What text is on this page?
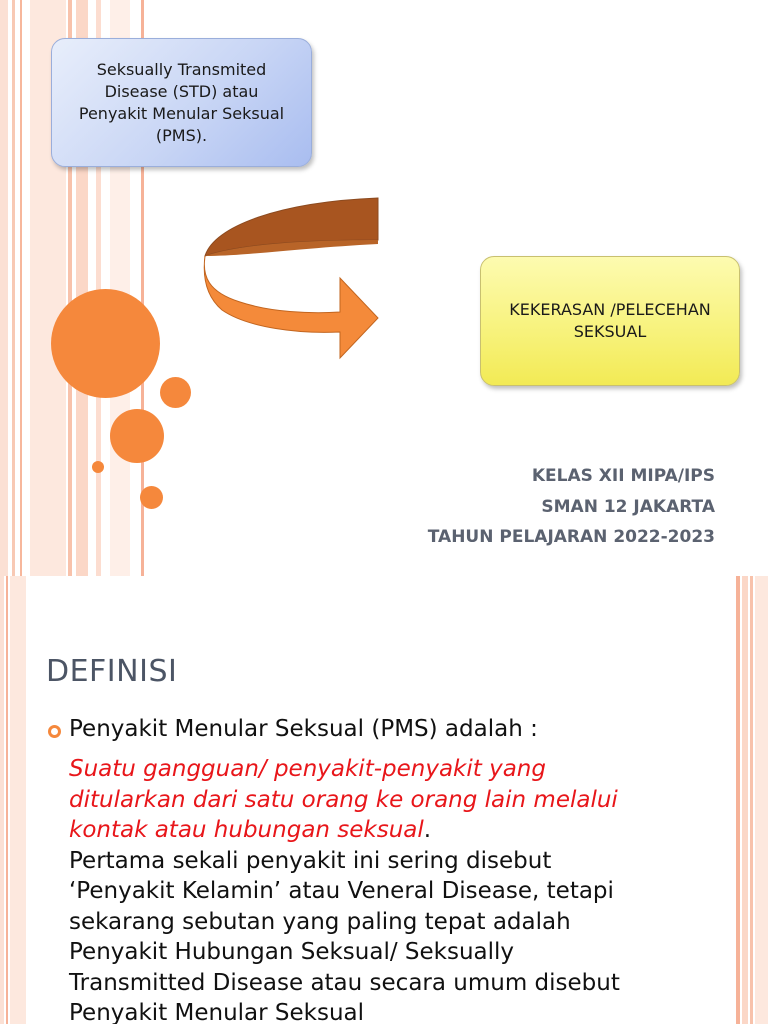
Seksually Transmited Disease (STD) atau Penyakit Menular Seksual (PMS).
KEKERASAN /PELECEHAN SEKSUAL
KELAS XII MIPA/IPS
SMAN 12 JAKARTA
TAHUN PELAJARAN 2022-2023
DEFINISI
Penyakit Menular Seksual (PMS) adalah :
Suatu gangguan/ penyakit-penyakit yang ditularkan dari satu orang ke orang lain melalui kontak atau hubungan seksual.
Pertama sekali penyakit ini sering disebut ‘Penyakit Kelamin’ atau Veneral Disease, tetapi sekarang sebutan yang paling tepat adalah Penyakit Hubungan Seksual/ Seksually Transmitted Disease atau secara umum disebut Penyakit Menular Seksual
